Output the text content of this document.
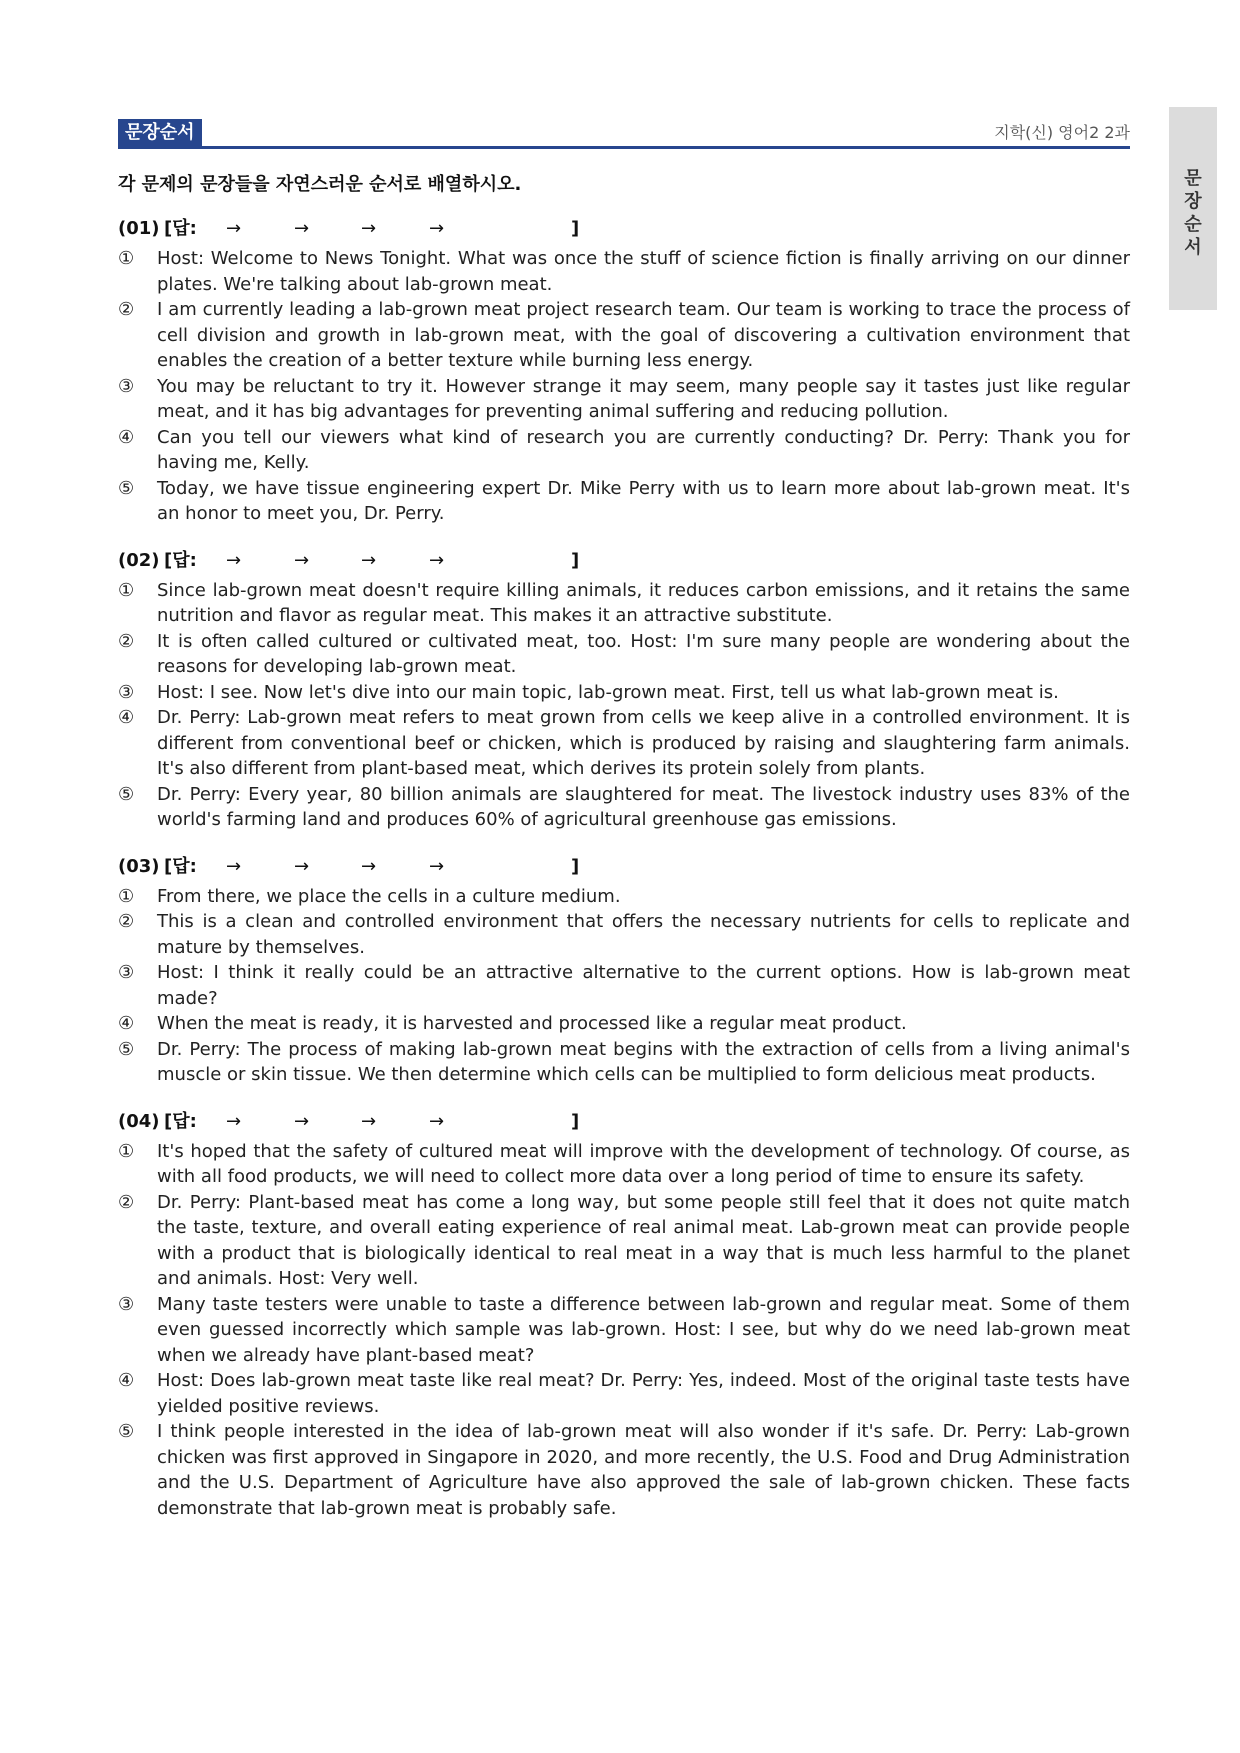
문장순서
문장순서	지학(신) 영어2 2과
각 문제의 문장들을 자연스러운 순서로 배열하시오.
(01) [답: →	→	→	→	]
①	Host: Welcome to News Tonight. What was once the stuff of science fiction is finally arriving on our dinner plates. We're talking about lab-grown meat.
②	I am currently leading a lab-grown meat project research team. Our team is working to trace the process of cell division and growth in lab-grown meat, with the goal of discovering a cultivation environment that enables the creation of a better texture while burning less energy.
③	You may be reluctant to try it. However strange it may seem, many people say it tastes just like regular meat, and it has big advantages for preventing animal suffering and reducing pollution.
④	Can you tell our viewers what kind of research you are currently conducting? Dr. Perry: Thank you for having me, Kelly.
⑤	Today, we have tissue engineering expert Dr. Mike Perry with us to learn more about lab-grown meat. It's an honor to meet you, Dr. Perry.
(02) [답: →	→	→	→	]
①	Since lab-grown meat doesn't require killing animals, it reduces carbon emissions, and it retains the same nutrition and flavor as regular meat. This makes it an attractive substitute.
②	It is often called cultured or cultivated meat, too. Host: I'm sure many people are wondering about the reasons for developing lab-grown meat.
③	Host: I see. Now let's dive into our main topic, lab-grown meat. First, tell us what lab-grown meat is.
④	Dr. Perry: Lab-grown meat refers to meat grown from cells we keep alive in a controlled environment. It is different from conventional beef or chicken, which is produced by raising and slaughtering farm animals. It's also different from plant-based meat, which derives its protein solely from plants.
⑤	Dr. Perry: Every year, 80 billion animals are slaughtered for meat. The livestock industry uses 83% of the world's farming land and produces 60% of agricultural greenhouse gas emissions.
(03) [답: →	→	→	→	]
①	From there, we place the cells in a culture medium.
②	This is a clean and controlled environment that offers the necessary nutrients for cells to replicate and mature by themselves.
③	Host: I think it really could be an attractive alternative to the current options. How is lab-grown meat made?
④	When the meat is ready, it is harvested and processed like a regular meat product.
⑤	Dr. Perry: The process of making lab-grown meat begins with the extraction of cells from a living animal's muscle or skin tissue. We then determine which cells can be multiplied to form delicious meat products.
(04) [답: →	→	→	→	]
①	It's hoped that the safety of cultured meat will improve with the development of technology. Of course, as with all food products, we will need to collect more data over a long period of time to ensure its safety.
②	Dr. Perry: Plant-based meat has come a long way, but some people still feel that it does not quite match the taste, texture, and overall eating experience of real animal meat. Lab-grown meat can provide people with a product that is biologically identical to real meat in a way that is much less harmful to the planet and animals. Host: Very well.
③	Many taste testers were unable to taste a difference between lab-grown and regular meat. Some of them even guessed incorrectly which sample was lab-grown. Host: I see, but why do we need lab-grown meat when we already have plant-based meat?
④	Host: Does lab-grown meat taste like real meat? Dr. Perry: Yes, indeed. Most of the original taste tests have yielded positive reviews.
⑤	I think people interested in the idea of lab-grown meat will also wonder if it's safe. Dr. Perry: Lab-grown chicken was first approved in Singapore in 2020, and more recently, the U.S. Food and Drug Administration and the U.S. Department of Agriculture have also approved the sale of lab-grown chicken. These facts demonstrate that lab-grown meat is probably safe.
